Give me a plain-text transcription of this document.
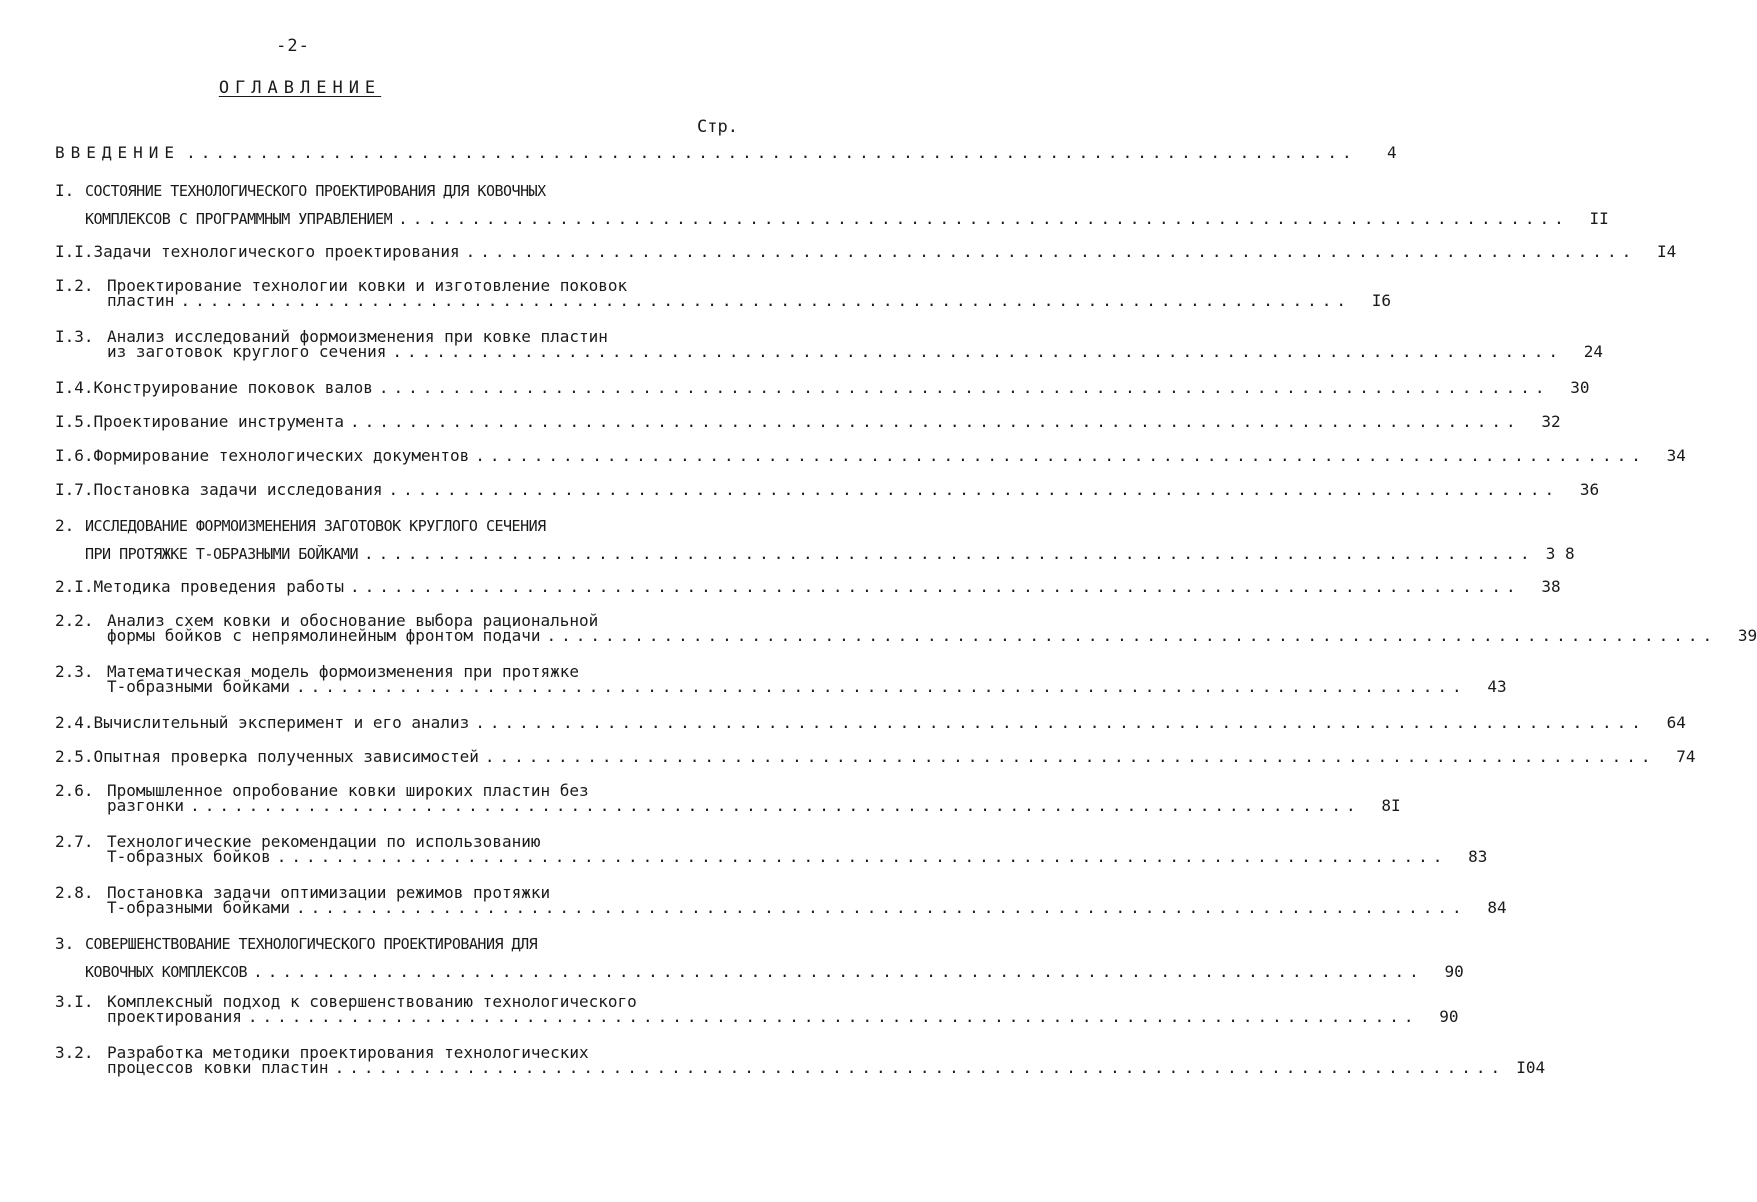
-2-
ОГЛАВЛЕНИЕ
Стр.
ВВЕДЕНИЕ ................................................................................	4
I. СОСТОЯНИЕ ТЕХНОЛОГИЧЕСКОГО ПРОЕКТИРОВАНИЯ ДЛЯ КОВОЧНЫХ
КОМПЛЕКСОВ С ПРОГРАММНЫМ УПРАВЛЕНИЕМ ................................................................................	II
I.I. Задачи технологического проектирования ................................................................................	I4
I.2. Проектирование технологии ковки и изготовление поковок
пластин ................................................................................	I6
I.3. Анализ исследований формоизменения при ковке пластин
из заготовок круглого сечения ................................................................................	24
I.4. Конструирование поковок валов ................................................................................	30
I.5. Проектирование инструмента ................................................................................	32
I.6. Формирование технологических документов ................................................................................	34
I.7. Постановка задачи исследования ................................................................................	36
2. ИССЛЕДОВАНИЕ ФОРМОИЗМЕНЕНИЯ ЗАГОТОВОК КРУГЛОГО СЕЧЕНИЯ
ПРИ ПРОТЯЖКЕ Т-ОБРАЗНЫМИ БОЙКАМИ ................................................................................ 3 8
2.I. Методика проведения работы ................................................................................	38
2.2. Анализ схем ковки и обоснование выбора рациональной
формы бойков с непрямолинейным фронтом подачи ................................................................................	39
2.3. Математическая модель формоизменения при протяжке
Т-образными бойками ................................................................................	43
2.4. Вычислительный эксперимент и его анализ ................................................................................	64
2.5. Опытная проверка полученных зависимостей ................................................................................	74
2.6. Промышленное опробование ковки широких пластин без
разгонки ................................................................................	8I
2.7. Технологические рекомендации по использованию
Т-образных бойков ................................................................................	83
2.8. Постановка задачи оптимизации режимов протяжки
Т-образными бойками ................................................................................	84
3. СОВЕРШЕНСТВОВАНИЕ ТЕХНОЛОГИЧЕСКОГО ПРОЕКТИРОВАНИЯ ДЛЯ
КОВОЧНЫХ КОМПЛЕКСОВ ................................................................................	90
3.I. Комплексный подход к совершенствованию технологического
проектирования ................................................................................	90
3.2. Разработка методики проектирования технологических
процессов ковки пластин ................................................................................ I04
